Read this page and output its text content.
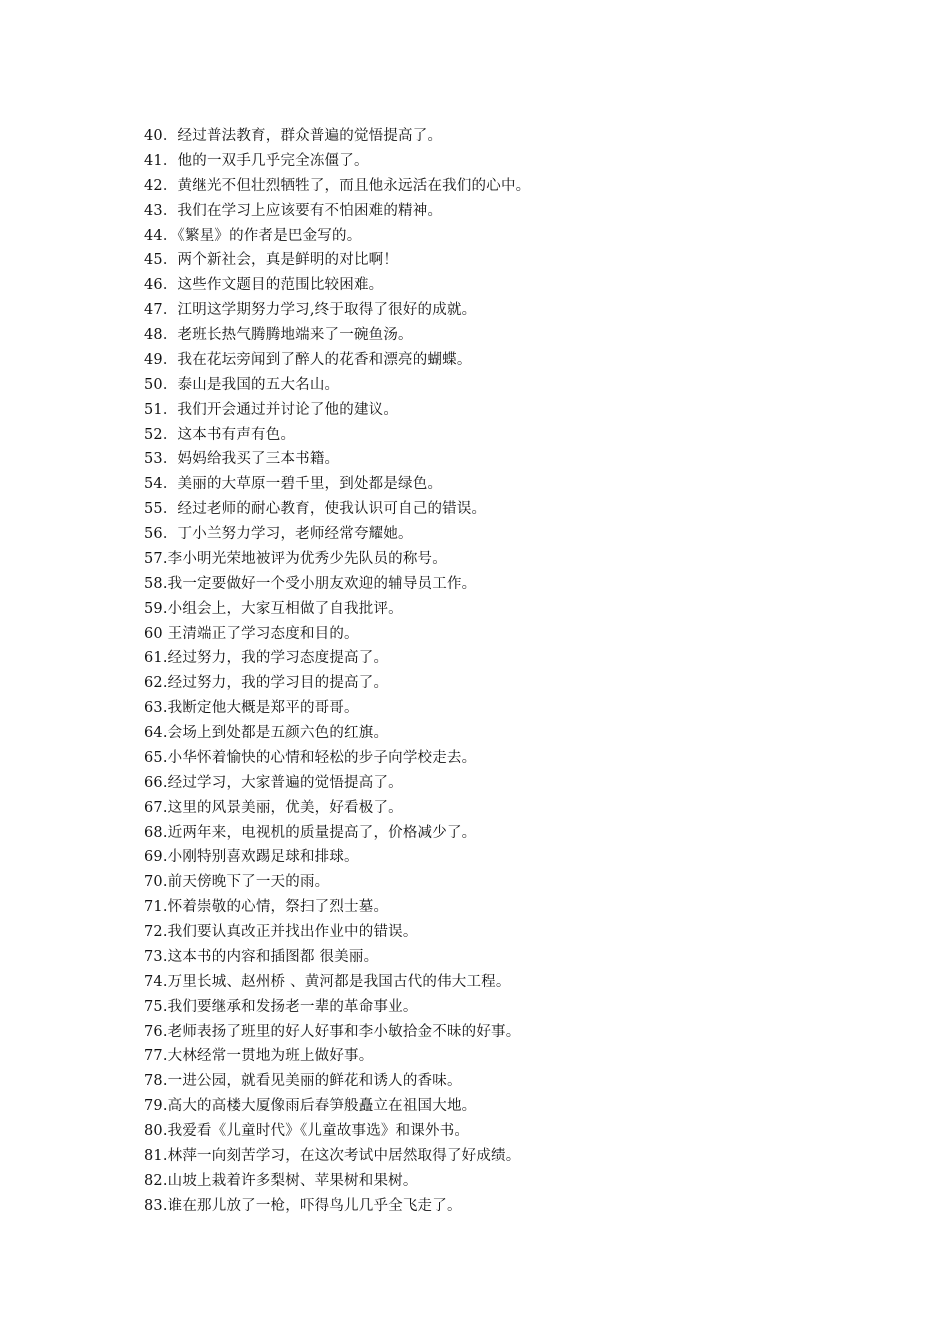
40．经过普法教育，群众普遍的觉悟提高了。
41．他的一双手几乎完全冻僵了。
42．黄继光不但壮烈牺牲了，而且他永远活在我们的心中。
43．我们在学习上应该要有不怕困难的精神。
44．《繁星》的作者是巴金写的。
45．两个新社会，真是鲜明的对比啊！
46．这些作文题目的范围比较困难。
47．江明这学期努力学习,终于取得了很好的成就。
48．老班长热气腾腾地端来了一碗鱼汤。
49．我在花坛旁闻到了醉人的花香和漂亮的蝴蝶。
50．泰山是我国的五大名山。
51．我们开会通过并讨论了他的建议。
52．这本书有声有色。
53．妈妈给我买了三本书籍。
54．美丽的大草原一碧千里，到处都是绿色。
55．经过老师的耐心教育，使我认识可自己的错误。
56．丁小兰努力学习，老师经常夸耀她。
57.李小明光荣地被评为优秀少先队员的称号。
58.我一定要做好一个受小朋友欢迎的辅导员工作。
59.小组会上，大家互相做了自我批评。
60 王清端正了学习态度和目的。
61.经过努力，我的学习态度提高了。
62.经过努力，我的学习目的提高了。
63.我断定他大概是郑平的哥哥。
64.会场上到处都是五颜六色的红旗。
65.小华怀着愉快的心情和轻松的步子向学校走去。
66.经过学习，大家普遍的觉悟提高了。
67.这里的风景美丽，优美，好看极了。
68.近两年来，电视机的质量提高了，价格减少了。
69.小刚特别喜欢踢足球和排球。
70.前天傍晚下了一天的雨。
71.怀着崇敬的心情，祭扫了烈士墓。
72.我们要认真改正并找出作业中的错误。
73.这本书的内容和插图都 很美丽。
74.万里长城、赵州桥 、黄河都是我国古代的伟大工程。
75.我们要继承和发扬老一辈的革命事业。
76.老师表扬了班里的好人好事和李小敏拾金不昧的好事。
77.大林经常一贯地为班上做好事。
78.一进公园，就看见美丽的鲜花和诱人的香味。
79.高大的高楼大厦像雨后春笋般矗立在祖国大地。
80.我爱看《儿童时代》《儿童故事选》和课外书。
81.林萍一向刻苦学习，在这次考试中居然取得了好成绩。
82.山坡上栽着许多梨树、苹果树和果树。
83.谁在那儿放了一枪，吓得鸟儿几乎全飞走了。
